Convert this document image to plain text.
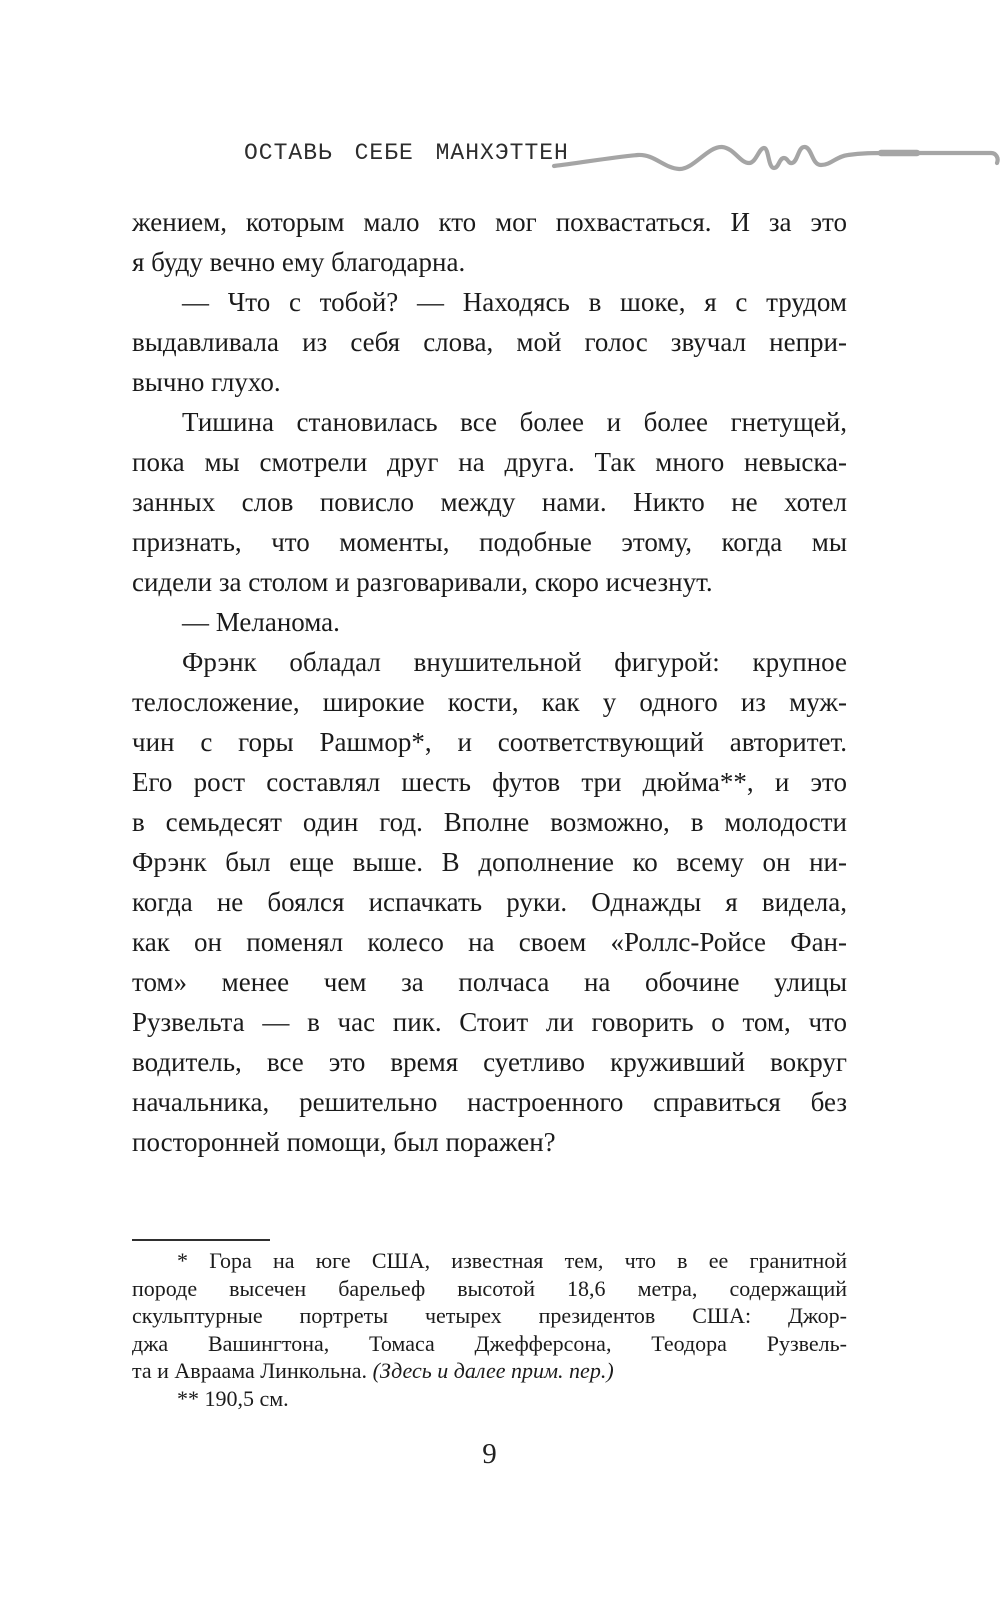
ОСТАВЬ СЕБЕ МАНХЭТТЕН
жением, которым мало кто мог похвастаться. И за это
я буду вечно ему благодарна.
— Что с тобой? — Находясь в шоке, я с трудом
выдавливала из себя слова, мой голос звучал непри-
вычно глухо.
Тишина становилась все более и более гнетущей,
пока мы смотрели друг на друга. Так много невыска-
занных слов повисло между нами. Никто не хотел
признать, что моменты, подобные этому, когда мы
сидели за столом и разговаривали, скоро исчезнут.
— Меланома.
Фрэнк обладал внушительной фигурой: крупное
телосложение, широкие кости, как у одного из муж-
чин с горы Рашмор*, и соответствующий авторитет.
Его рост составлял шесть футов три дюйма**, и это
в семьдесят один год. Вполне возможно, в молодости
Фрэнк был еще выше. В дополнение ко всему он ни-
когда не боялся испачкать руки. Однажды я видела,
как он поменял колесо на своем «Роллс-Ройсе Фан-
том» менее чем за полчаса на обочине улицы
Рузвельта — в час пик. Стоит ли говорить о том, что
водитель, все это время суетливо круживший вокруг
начальника, решительно настроенного справиться без
посторонней помощи, был поражен?
* Гора на юге США, известная тем, что в ее гранитной
породе высечен барельеф высотой 18,6 метра, содержащий
скульптурные портреты четырех президентов США: Джор-
джа Вашингтона, Томаса Джефферсона, Теодора Рузвель-
та и Авраама Линкольна. (Здесь и далее прим. пер.)
** 190,5 см.
9
